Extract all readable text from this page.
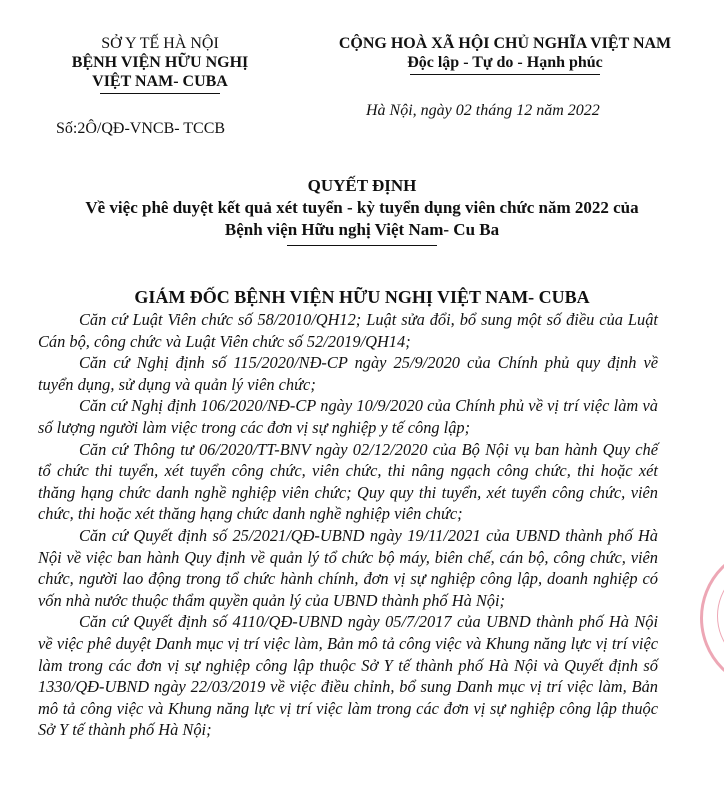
SỞ Y TẾ HÀ NỘI
BỆNH VIỆN HỮU NGHỊ
VIỆT NAM- CUBA
Số:2Ô/QĐ-VNCB- TCCB
CỘNG HOÀ XÃ HỘI CHỦ NGHĨA VIỆT NAM
Độc lập - Tự do - Hạnh phúc
Hà Nội, ngày 02 tháng 12 năm 2022
QUYẾT ĐỊNH
Về việc phê duyệt kết quả xét tuyển - kỳ tuyển dụng viên chức năm 2022 của
Bệnh viện Hữu nghị Việt Nam- Cu Ba
GIÁM ĐỐC BỆNH VIỆN HỮU NGHỊ VIỆT NAM- CUBA

Căn cứ Luật Viên chức số 58/2010/QH12; Luật sửa đổi, bổ sung một số điều của Luật Cán bộ, công chức và Luật Viên chức số 52/2019/QH14;

Căn cứ Nghị định số 115/2020/NĐ-CP ngày 25/9/2020 của Chính phủ quy định về tuyển dụng, sử dụng và quản lý viên chức;

Căn cứ Nghị định 106/2020/NĐ-CP ngày 10/9/2020 của Chính phủ về vị trí việc làm và số lượng người làm việc trong các đơn vị sự nghiệp y tế công lập;

Căn cứ Thông tư 06/2020/TT-BNV ngày 02/12/2020 của Bộ Nội vụ ban hành Quy chế tổ chức thi tuyển, xét tuyển công chức, viên chức, thi nâng ngạch công chức, thi hoặc xét thăng hạng chức danh nghề nghiệp viên chức; Quy quy thi tuyển, xét tuyển công chức, viên chức, thi hoặc xét thăng hạng chức danh nghề nghiệp viên chức;

Căn cứ Quyết định số 25/2021/QĐ-UBND ngày 19/11/2021 của UBND thành phố Hà Nội về việc ban hành Quy định về quản lý tổ chức bộ máy, biên chế, cán bộ, công chức, viên chức, người lao động trong tổ chức hành chính, đơn vị sự nghiệp công lập, doanh nghiệp có vốn nhà nước thuộc thẩm quyền quản lý của UBND thành phố Hà Nội;

Căn cứ Quyết định số 4110/QĐ-UBND ngày 05/7/2017 của UBND thành phố Hà Nội về việc phê duyệt Danh mục vị trí việc làm, Bản mô tả công việc và Khung năng lực vị trí việc làm trong các đơn vị sự nghiệp công lập thuộc Sở Y tế thành phố Hà Nội và Quyết định số 1330/QĐ-UBND ngày 22/03/2019 về việc điều chỉnh, bổ sung Danh mục vị trí việc làm, Bản mô tả công việc và Khung năng lực vị trí việc làm trong các đơn vị sự nghiệp công lập thuộc Sở Y tế thành phố Hà Nội;
